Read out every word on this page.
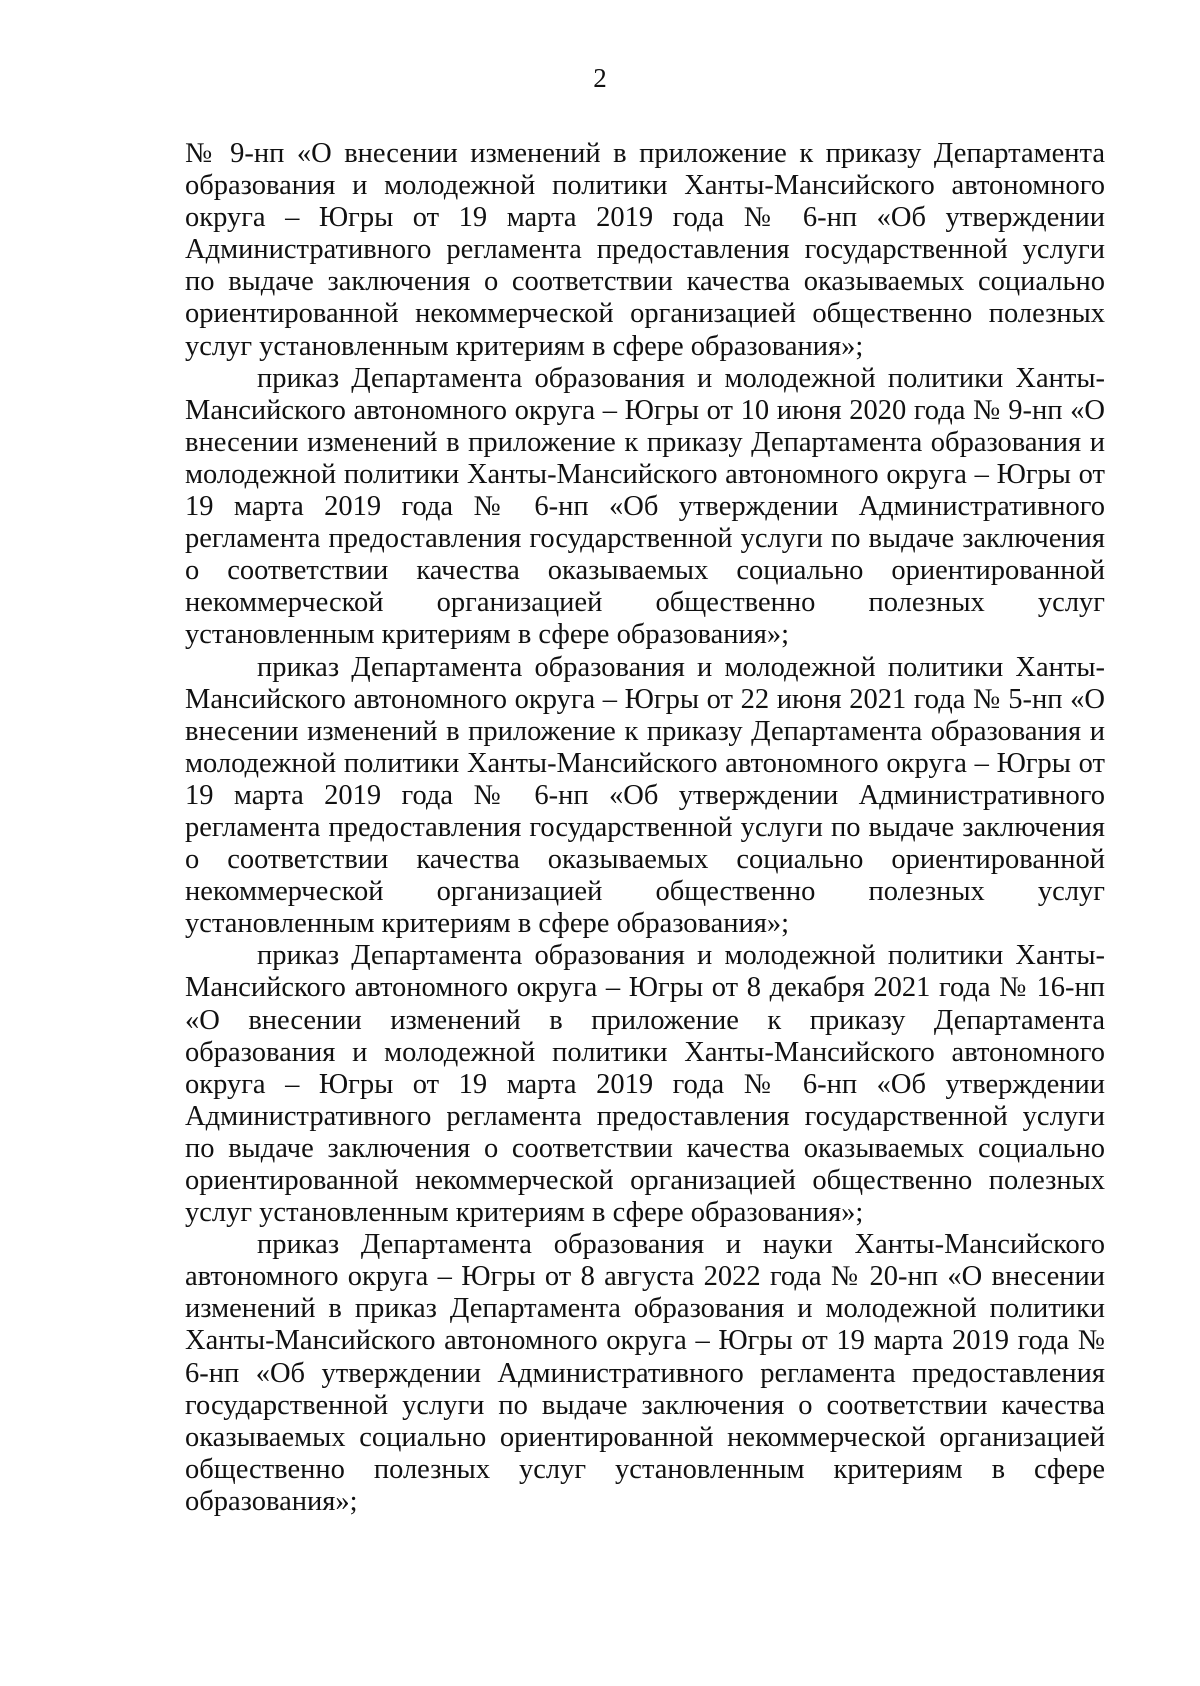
2

№ 9-нп «О внесении изменений в приложение к приказу Департамента образования и молодежной политики Ханты-Мансийского автономного округа – Югры от 19 марта 2019 года № 6-нп «Об утверждении Административного регламента предоставления государственной услуги по выдаче заключения о соответствии качества оказываемых социально ориентированной некоммерческой организацией общественно полезных услуг установленным критериям в сфере образования»;

приказ Департамента образования и молодежной политики Ханты-Мансийского автономного округа – Югры от 10 июня 2020 года № 9-нп «О внесении изменений в приложение к приказу Департамента образования и молодежной политики Ханты-Мансийского автономного округа – Югры от 19 марта 2019 года № 6-нп «Об утверждении Административного регламента предоставления государственной услуги по выдаче заключения о соответствии качества оказываемых социально ориентированной некоммерческой организацией общественно полезных услуг установленным критериям в сфере образования»;

приказ Департамента образования и молодежной политики Ханты-Мансийского автономного округа – Югры от 22 июня 2021 года № 5-нп «О внесении изменений в приложение к приказу Департамента образования и молодежной политики Ханты-Мансийского автономного округа – Югры от 19 марта 2019 года № 6-нп «Об утверждении Административного регламента предоставления государственной услуги по выдаче заключения о соответствии качества оказываемых социально ориентированной некоммерческой организацией общественно полезных услуг установленным критериям в сфере образования»;

приказ Департамента образования и молодежной политики Ханты-Мансийского автономного округа – Югры от 8 декабря 2021 года № 16-нп «О внесении изменений в приложение к приказу Департамента образования и молодежной политики Ханты-Мансийского автономного округа – Югры от 19 марта 2019 года № 6-нп «Об утверждении Административного регламента предоставления государственной услуги по выдаче заключения о соответствии качества оказываемых социально ориентированной некоммерческой организацией общественно полезных услуг установленным критериям в сфере образования»;

приказ Департамента образования и науки Ханты-Мансийского автономного округа – Югры от 8 августа 2022 года № 20-нп «О внесении изменений в приказ Департамента образования и молодежной политики Ханты-Мансийского автономного округа – Югры от 19 марта 2019 года № 6-нп «Об утверждении Административного регламента предоставления государственной услуги по выдаче заключения о соответствии качества оказываемых социально ориентированной некоммерческой организацией общественно полезных услуг установленным критериям в сфере образования»;
